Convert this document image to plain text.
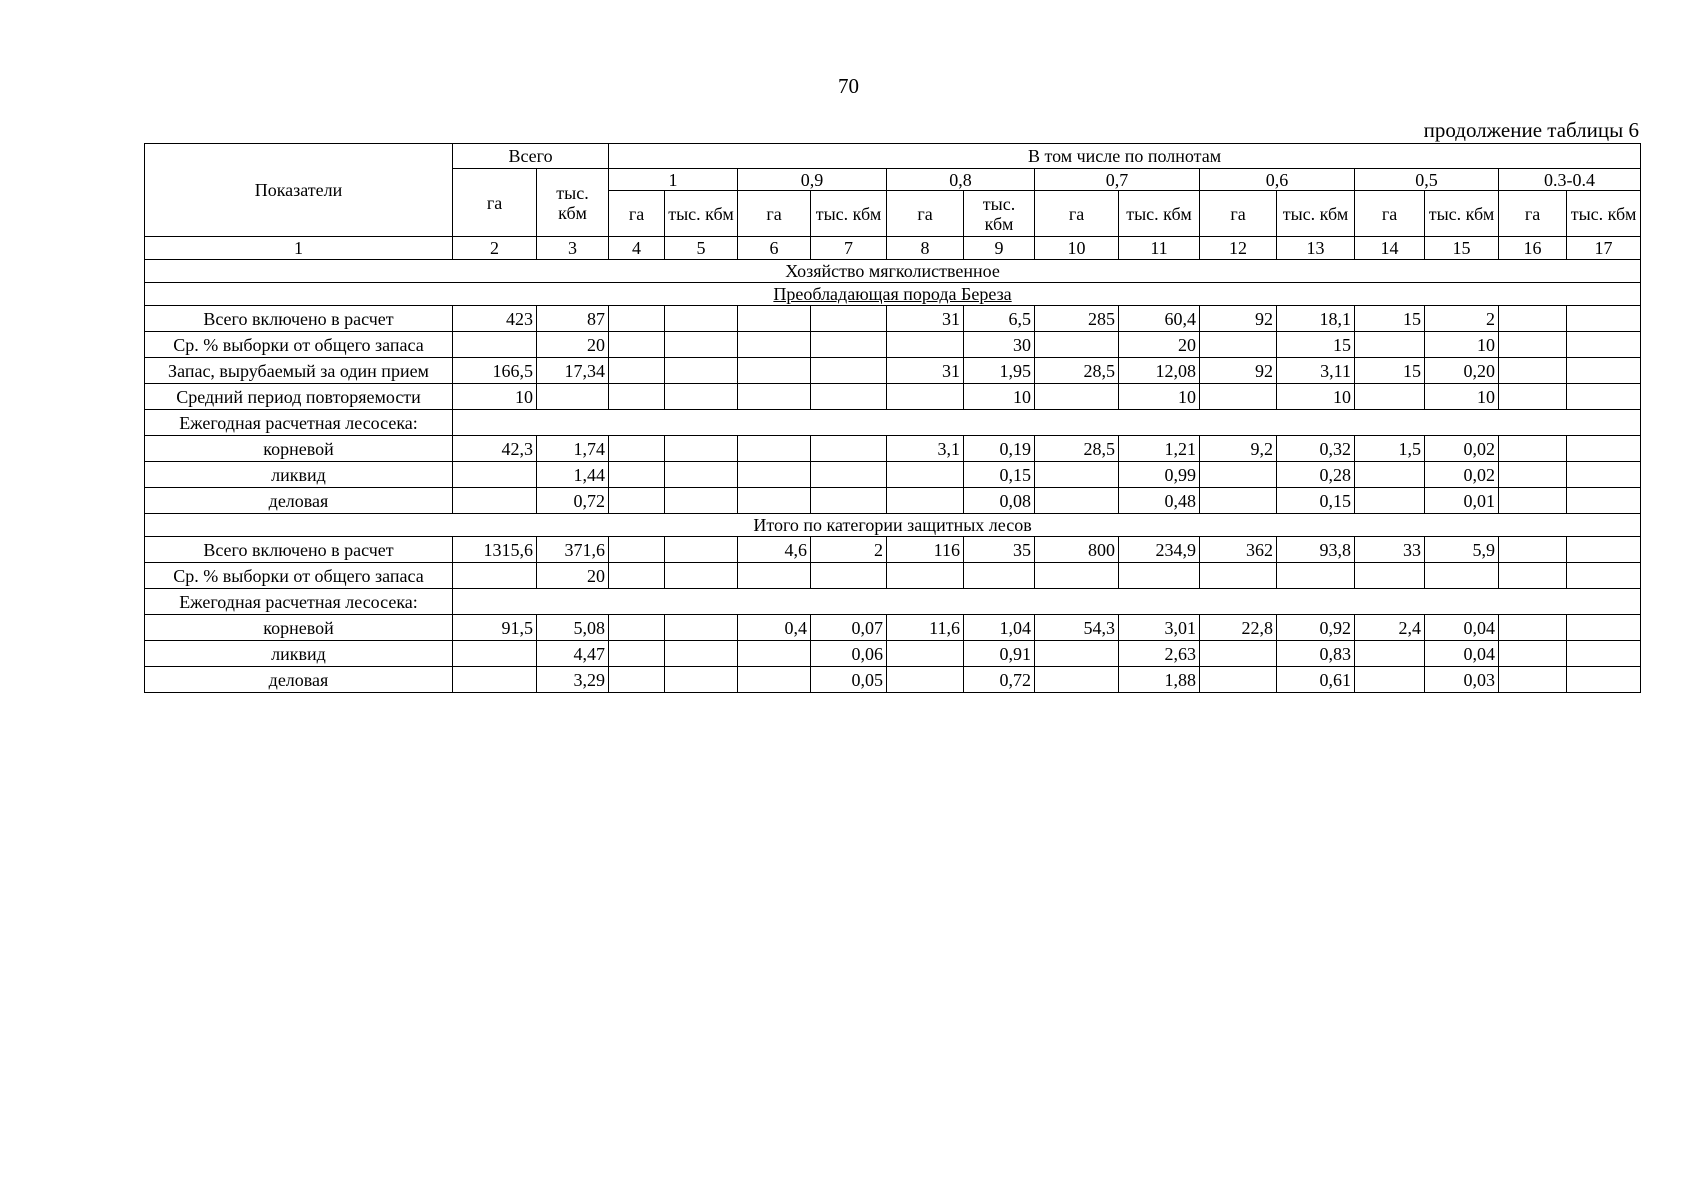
70
продолжение таблицы 6
Показатели	Всего		В том числе по полнотам													
	га	тыс. кбм	1		0,9		0,8		0,7		0,6		0,5		0.3-0.4	
			га	тыс. кбм	га	тыс. кбм	га	тыс. кбм	га	тыс. кбм	га	тыс. кбм	га	тыс. кбм	га	тыс. кбм
1	2	3	4	5	6	7	8	9	10	11	12	13	14	15	16	17
Хозяйство мягколиственное																
Преобладающая порода Береза																
Всего включено в расчет	423	87					31	6,5	285	60,4	92	18,1	15	2		
Ср. % выборки от общего запаса		20						30		20		15		10		
Запас, вырубаемый за один прием	166,5	17,34					31	1,95	28,5	12,08	92	3,11	15	0,20		
Средний период повторяемости	10							10		10		10		10		
Ежегодная расчетная лесосека:																
корневой	42,3	1,74					3,1	0,19	28,5	1,21	9,2	0,32	1,5	0,02		
ликвид		1,44						0,15		0,99		0,28		0,02		
деловая		0,72						0,08		0,48		0,15		0,01		
Итого по категории защитных лесов																
Всего включено в расчет	1315,6	371,6			4,6	2	116	35	800	234,9	362	93,8	33	5,9		
Ср. % выборки от общего запаса		20														
Ежегодная расчетная лесосека:																
корневой	91,5	5,08			0,4	0,07	11,6	1,04	54,3	3,01	22,8	0,92	2,4	0,04		
ликвид		4,47				0,06		0,91		2,63		0,83		0,04		
деловая		3,29				0,05		0,72		1,88		0,61		0,03		
